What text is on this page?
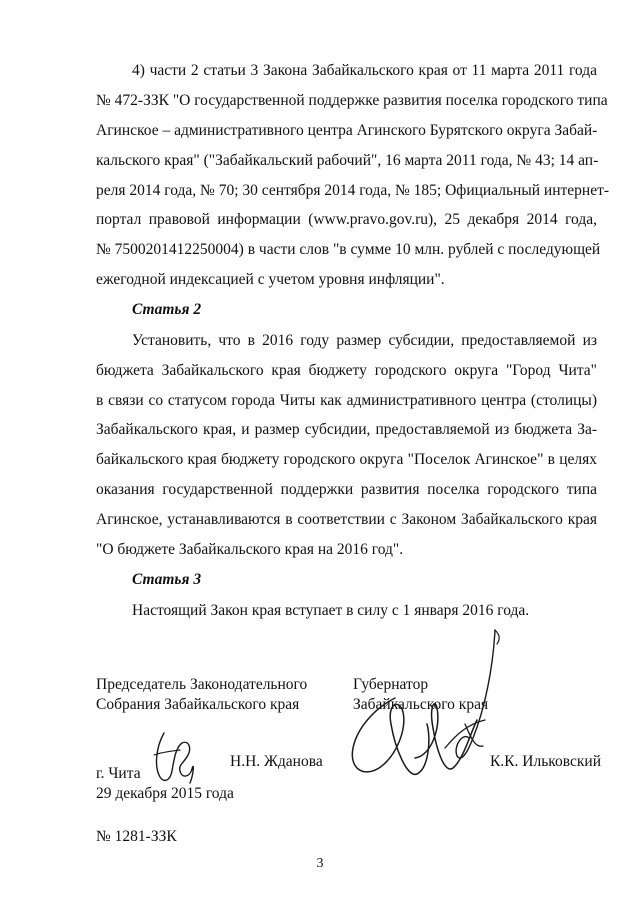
4) части 2 статьи 3 Закона Забайкальского края от 11 марта 2011 года
№ 472-ЗЗК "О государственной поддержке развития поселка городского типа
Агинское – административного центра Агинского Бурятского округа Забай-
кальского края" ("Забайкальский рабочий", 16 марта 2011 года, № 43; 14 ап-
реля 2014 года, № 70; 30 сентября 2014 года, № 185; Официальный интернет-
портал правовой информации (www.pravo.gov.ru), 25 декабря 2014 года,
№ 7500201412250004) в части слов "в сумме 10 млн. рублей с последующей
ежегодной индексацией с учетом уровня инфляции".
Статья 2
Установить, что в 2016 году размер субсидии, предоставляемой из
бюджета Забайкальского края бюджету городского округа "Город Чита"
в связи со статусом города Читы как административного центра (столицы)
Забайкальского края, и размер субсидии, предоставляемой из бюджета За-
байкальского края бюджету городского округа "Поселок Агинское" в целях
оказания государственной поддержки развития поселка городского типа
Агинское, устанавливаются в соответствии с Законом Забайкальского края
"О бюджете Забайкальского края на 2016 год".
Статья 3
Настоящий Закон края вступает в силу с 1 января 2016 года.
Председатель Законодательного
Собрания Забайкальского края
Н.Н. Жданова
Губернатор
Забайкальского края
К.К. Ильковский
г. Чита
29 декабря 2015 года
№ 1281-ЗЗК
3
